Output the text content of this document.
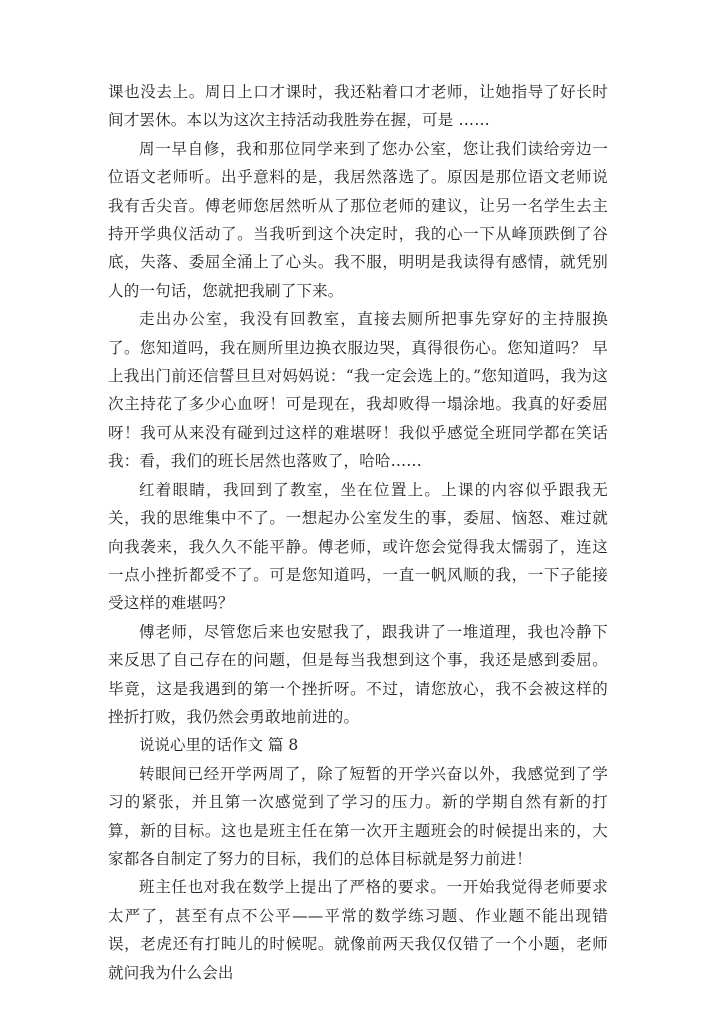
课也没去上。周日上口才课时，我还粘着口才老师，让她指导了好长时间才罢休。本以为这次主持活动我胜券在握，可是 ……

周一早自修，我和那位同学来到了您办公室，您让我们读给旁边一位语文老师听。出乎意料的是，我居然落选了。原因是那位语文老师说我有舌尖音。傅老师您居然听从了那位老师的建议，让另一名学生去主持开学典仪活动了。当我听到这个决定时，我的心一下从峰顶跌倒了谷底，失落、委屈全涌上了心头。我不服，明明是我读得有感情，就凭别人的一句话，您就把我刷了下来。

走出办公室，我没有回教室，直接去厕所把事先穿好的主持服换了。您知道吗，我在厕所里边换衣服边哭，真得很伤心。您知道吗？ 早上我出门前还信誓旦旦对妈妈说：“我一定会选上的。”您知道吗，我为这次主持花了多少心血呀！可是现在，我却败得一塌涂地。我真的好委屈呀！我可从来没有碰到过这样的难堪呀！我似乎感觉全班同学都在笑话我：看，我们的班长居然也落败了，哈哈……

红着眼睛，我回到了教室，坐在位置上。上课的内容似乎跟我无关，我的思维集中不了。一想起办公室发生的事，委屈、恼怒、难过就向我袭来，我久久不能平静。傅老师，或许您会觉得我太懦弱了，连这一点小挫折都受不了。可是您知道吗，一直一帆风顺的我，一下子能接受这样的难堪吗？

傅老师，尽管您后来也安慰我了，跟我讲了一堆道理，我也冷静下来反思了自己存在的问题，但是每当我想到这个事，我还是感到委屈。毕竟，这是我遇到的第一个挫折呀。不过，请您放心，我不会被这样的挫折打败，我仍然会勇敢地前进的。

说说心里的话作文 篇 8

转眼间已经开学两周了，除了短暂的开学兴奋以外，我感觉到了学习的紧张，并且第一次感觉到了学习的压力。新的学期自然有新的打算，新的目标。这也是班主任在第一次开主题班会的时候提出来的，大家都各自制定了努力的目标，我们的总体目标就是努力前进！

班主任也对我在数学上提出了严格的要求。一开始我觉得老师要求太严了，甚至有点不公平——平常的数学练习题、作业题不能出现错误，老虎还有打盹儿的时候呢。就像前两天我仅仅错了一个小题，老师就问我为什么会出
